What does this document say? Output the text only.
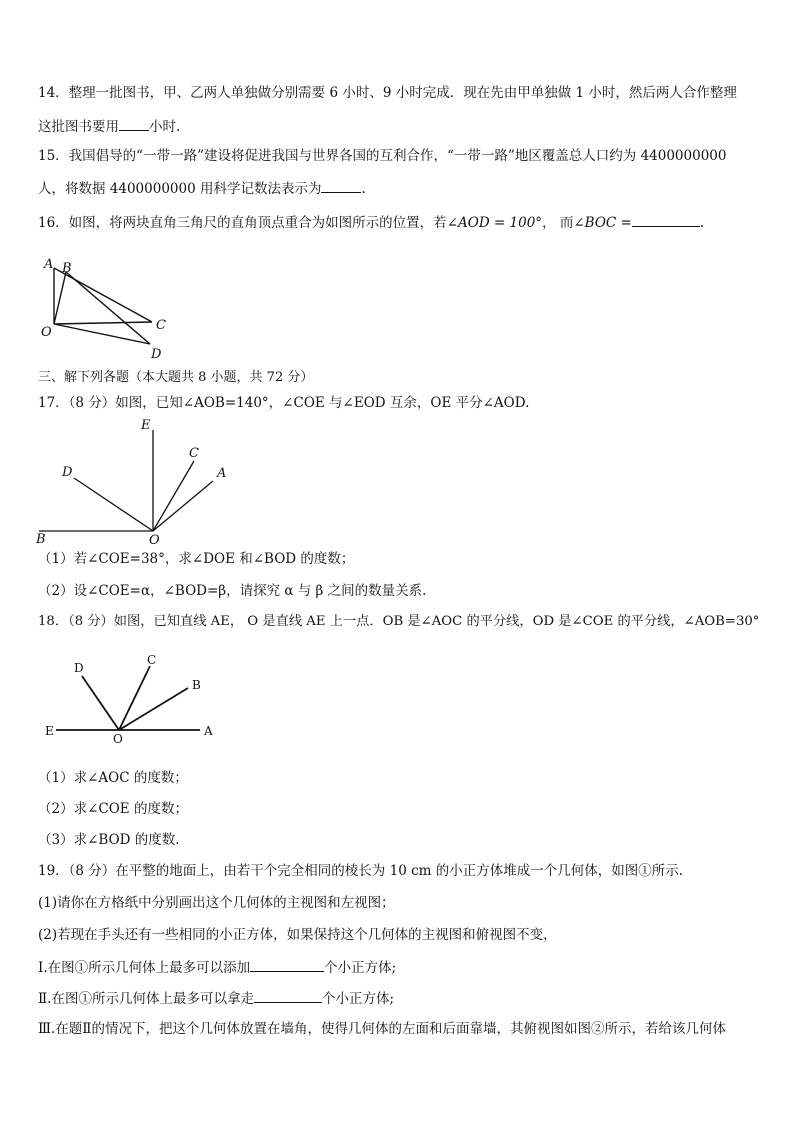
14．整理一批图书，甲、乙两人单独做分别需要 6 小时、9 小时完成．现在先由甲单独做 1 小时，然后两人合作整理
这批图书要用 小时.
15．我国倡导的“一带一路”建设将促进我国与世界各国的互利合作，“一带一路”地区覆盖总人口约为 4400000000
人，将数据 4400000000 用科学记数法表示为	.
16．如图，将两块直角三角尺的直角顶点重合为如图所示的位置，若∠AOD = 100°， 而∠BOC =	.
A B
O	C
D
三、解下列各题（本大题共 8 小题，共 72 分）
17．（8 分）如图，已知∠AOB=140°，∠COE 与∠EOD 互余，OE 平分∠AOD.
E
D
C
A
B	O
（1）若∠COE=38°，求∠DOE 和∠BOD 的度数；
（2）设∠COE=α，∠BOD=β，请探究 α 与 β 之间的数量关系.
18．（8 分）如图，已知直线 AE， O 是直线 AE 上一点．OB 是∠AOC 的平分线，OD 是∠COE 的平分线，∠AOB=30°
D
C
B
E
O
A
（1）求∠AOC 的度数；
（2）求∠COE 的度数；
（3）求∠BOD 的度数.
19．（8 分）在平整的地面上，由若干个完全相同的棱长为 10 cm 的小正方体堆成一个几何体，如图①所示.
(1)请你在方格纸中分别画出这个几何体的主视图和左视图；
(2)若现在手头还有一些相同的小正方体，如果保持这个几何体的主视图和俯视图不变，
Ⅰ.在图①所示几何体上最多可以添加	个小正方体;
Ⅱ.在图①所示几何体上最多可以拿走	个小正方体;
Ⅲ.在题Ⅱ的情况下，把这个几何体放置在墙角，使得几何体的左面和后面靠墙，其俯视图如图②所示，若给该几何体
